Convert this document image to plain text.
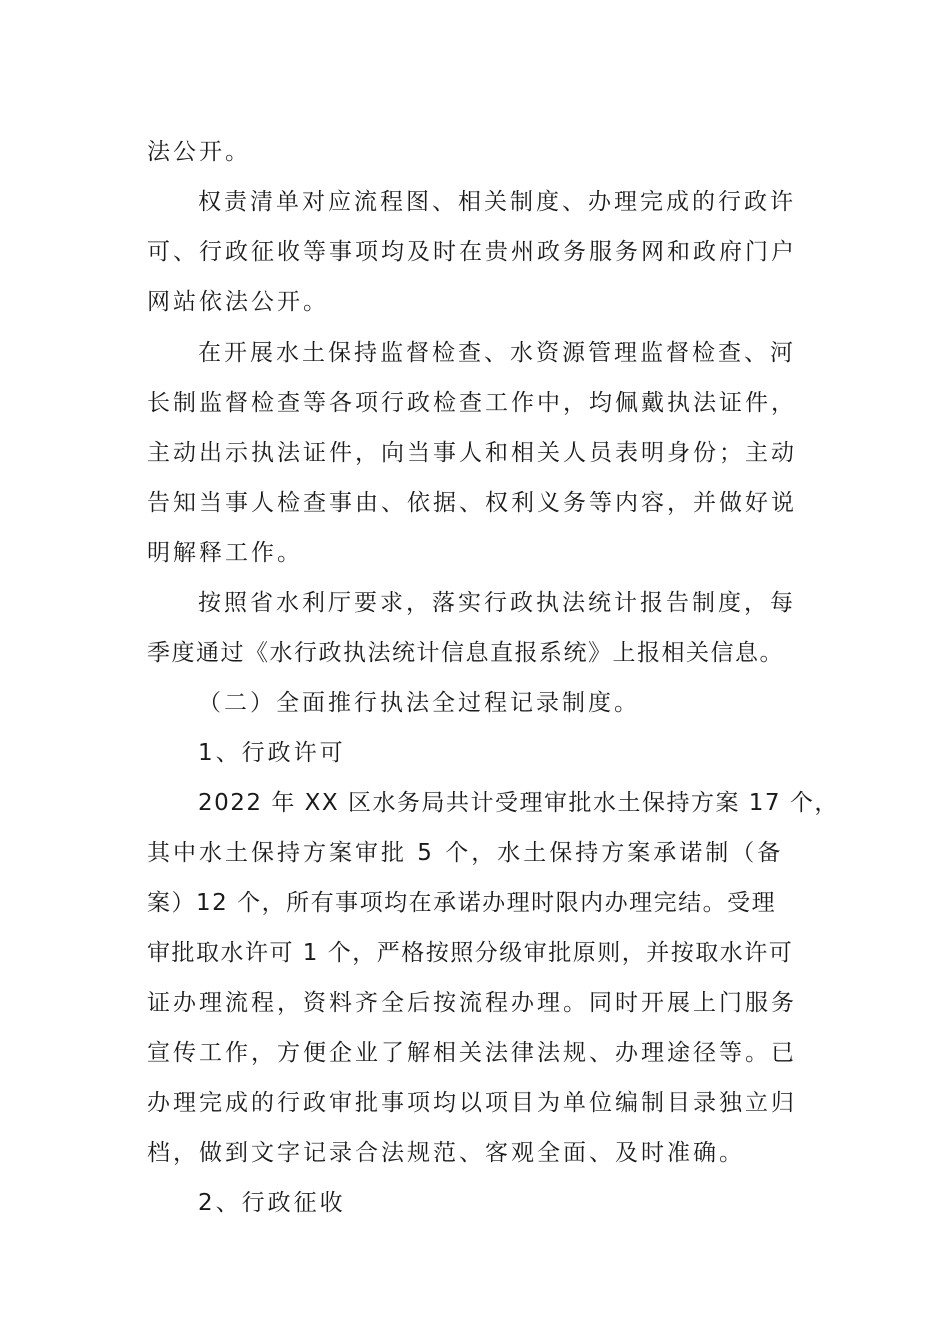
法公开。
权责清单对应流程图、相关制度、办理完成的行政许
可、行政征收等事项均及时在贵州政务服务网和政府门户
网站依法公开。
在开展水土保持监督检查、水资源管理监督检查、河
长制监督检查等各项行政检查工作中，均佩戴执法证件，
主动出示执法证件，向当事人和相关人员表明身份；主动
告知当事人检查事由、依据、权利义务等内容，并做好说
明解释工作。
按照省水利厅要求，落实行政执法统计报告制度，每
季度通过《水行政执法统计信息直报系统》上报相关信息。
（二）全面推行执法全过程记录制度。
1、行政许可
2022 年 XX 区水务局共计受理审批水土保持方案 17 个，
其中水土保持方案审批 5 个，水土保持方案承诺制（备
案）12 个，所有事项均在承诺办理时限内办理完结。受理
审批取水许可 1 个，严格按照分级审批原则，并按取水许可
证办理流程，资料齐全后按流程办理。同时开展上门服务
宣传工作，方便企业了解相关法律法规、办理途径等。已
办理完成的行政审批事项均以项目为单位编制目录独立归
档，做到文字记录合法规范、客观全面、及时准确。
2、行政征收
